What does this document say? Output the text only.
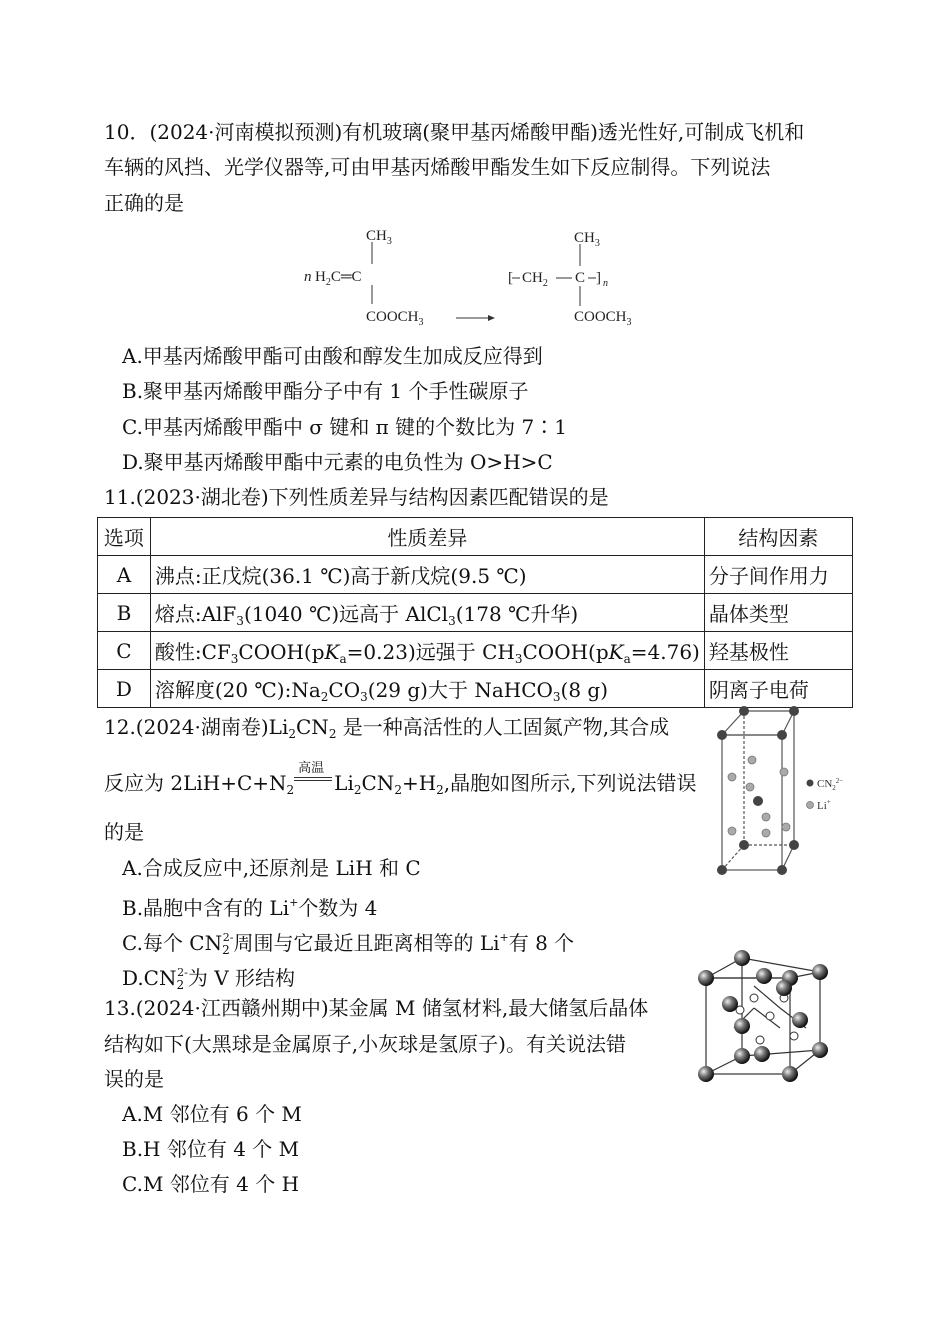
10．(2024·河南模拟预测)有机玻璃(聚甲基丙烯酸甲酯)透光性好,可制成飞机和
车辆的风挡、光学仪器等,可由甲基丙烯酸甲酯发生如下反应制得。下列说法
正确的是
n $H_2C═C$
$CH_3$
$COOCH_3$
[ $CH_2$ C ] n
$CH_3$
$COOCH_3$
A.甲基丙烯酸甲酯可由酸和醇发生加成反应得到
B.聚甲基丙烯酸甲酯分子中有 1 个手性碳原子
C.甲基丙烯酸甲酯中 σ 键和 π 键的个数比为 7∶1
D.聚甲基丙烯酸甲酯中元素的电负性为 O>H>C
11.(2023·湖北卷)下列性质差异与结构因素匹配错误的是
选项	性质差异	结构因素
A	沸点:正戊烷(36.1 ℃)高于新戊烷(9.5 ℃)	分子间作用力
B	熔点:AlF$_3$(1040 ℃)远高于 AlCl$_3$(178 ℃升华)	晶体类型
C	酸性$:CF_3COOH(pK_a=0.23)$远强于 $CH_3COOH(pK_a=4.76)$	羟基极性
D	溶解度(20 $℃):Na_2CO_3(29$ g)大于 NaHCO$_3$(8 g)	阴离子电荷
12.(2024·湖南卷)$Li_2CN_2$ 是一种高活性的人工固氮产物,其合成
反应为 $2LiH+C+N_2$
高温
$Li_2CN_2+H_2$,晶胞如图所示,下列说法错误
的是
$CN_2^{2-}$
Li+
A.合成反应中,还原剂是 LiH 和 C
B.晶胞中含有的 Li+个数为 4
C.每个 $CN_2^{2-}$周围与它最近且距离相等的 Li+有 8 个
$D.CN_2^{2-}$为 V 形结构
13.(2024·江西赣州期中)某金属 M 储氢材料,最大储氢后晶体
结构如下(大黑球是金属原子,小灰球是氢原子)。有关说法错
误的是
A.M 邻位有 6 个 M
B.H 邻位有 4 个 M
C.M 邻位有 4 个 H
